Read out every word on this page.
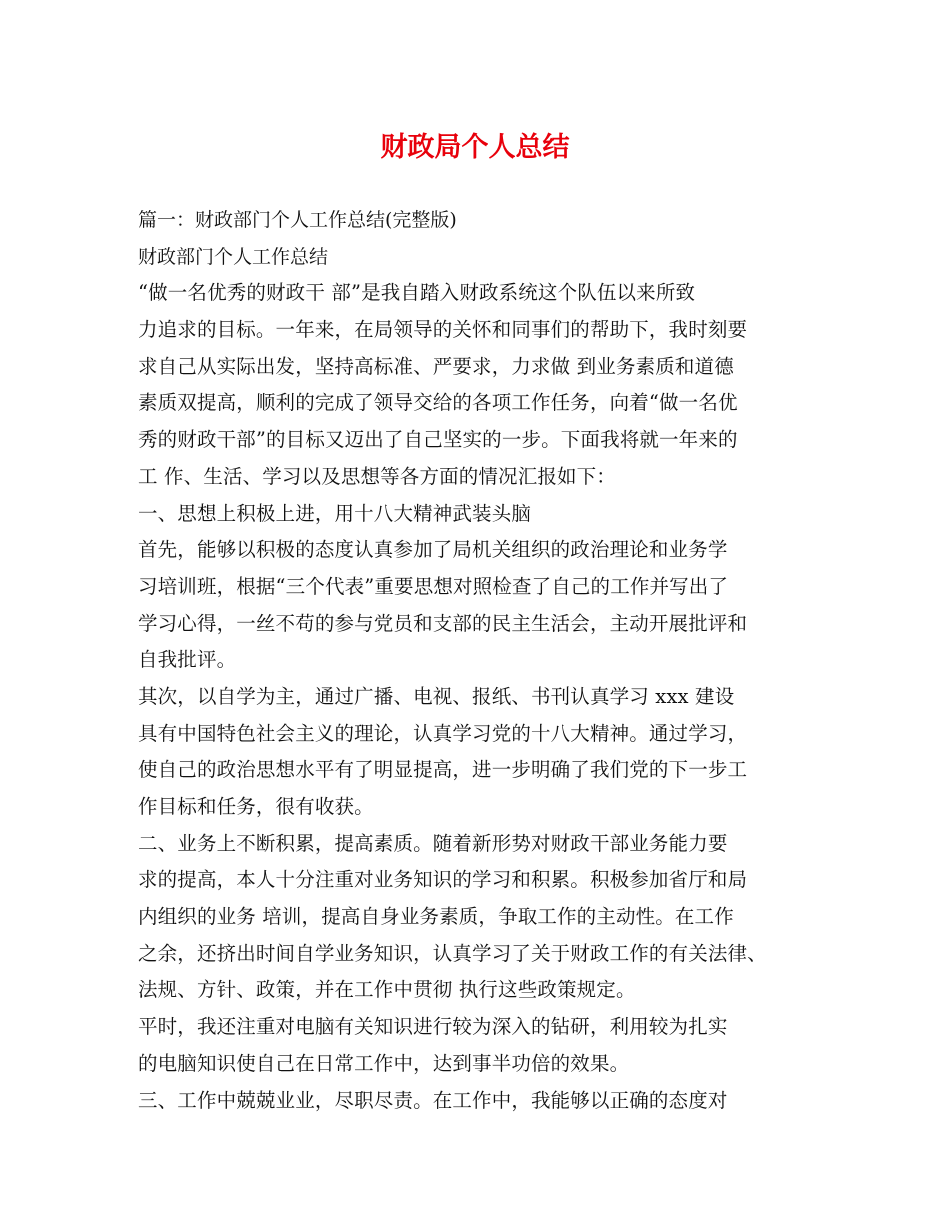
财政局个人总结
篇一：财政部门个人工作总结(完整版)
财政部门个人工作总结
“做一名优秀的财政干 部”是我自踏入财政系统这个队伍以来所致
力追求的目标。一年来，在局领导的关怀和同事们的帮助下，我时刻要
求自己从实际出发，坚持高标准、严要求，力求做 到业务素质和道德
素质双提高，顺利的完成了领导交给的各项工作任务，向着“做一名优
秀的财政干部”的目标又迈出了自己坚实的一步。下面我将就一年来的
工 作、生活、学习以及思想等各方面的情况汇报如下：
一、思想上积极上进，用十八大精神武装头脑
首先，能够以积极的态度认真参加了局机关组织的政治理论和业务学
习培训班，根据“三个代表”重要思想对照检查了自己的工作并写出了
学习心得，一丝不苟的参与党员和支部的民主生活会，主动开展批评和
自我批评。
其次，以自学为主，通过广播、电视、报纸、书刊认真学习 xxx 建设
具有中国特色社会主义的理论，认真学习党的十八大精神。通过学习，
使自己的政治思想水平有了明显提高，进一步明确了我们党的下一步工
作目标和任务，很有收获。
二、业务上不断积累，提高素质。随着新形势对财政干部业务能力要
求的提高，本人十分注重对业务知识的学习和积累。积极参加省厅和局
内组织的业务 培训，提高自身业务素质，争取工作的主动性。在工作
之余，还挤出时间自学业务知识，认真学习了关于财政工作的有关法律、
法规、方针、政策，并在工作中贯彻 执行这些政策规定。
平时，我还注重对电脑有关知识进行较为深入的钻研，利用较为扎实
的电脑知识使自己在日常工作中，达到事半功倍的效果。
三、工作中兢兢业业，尽职尽责。在工作中，我能够以正确的态度对
